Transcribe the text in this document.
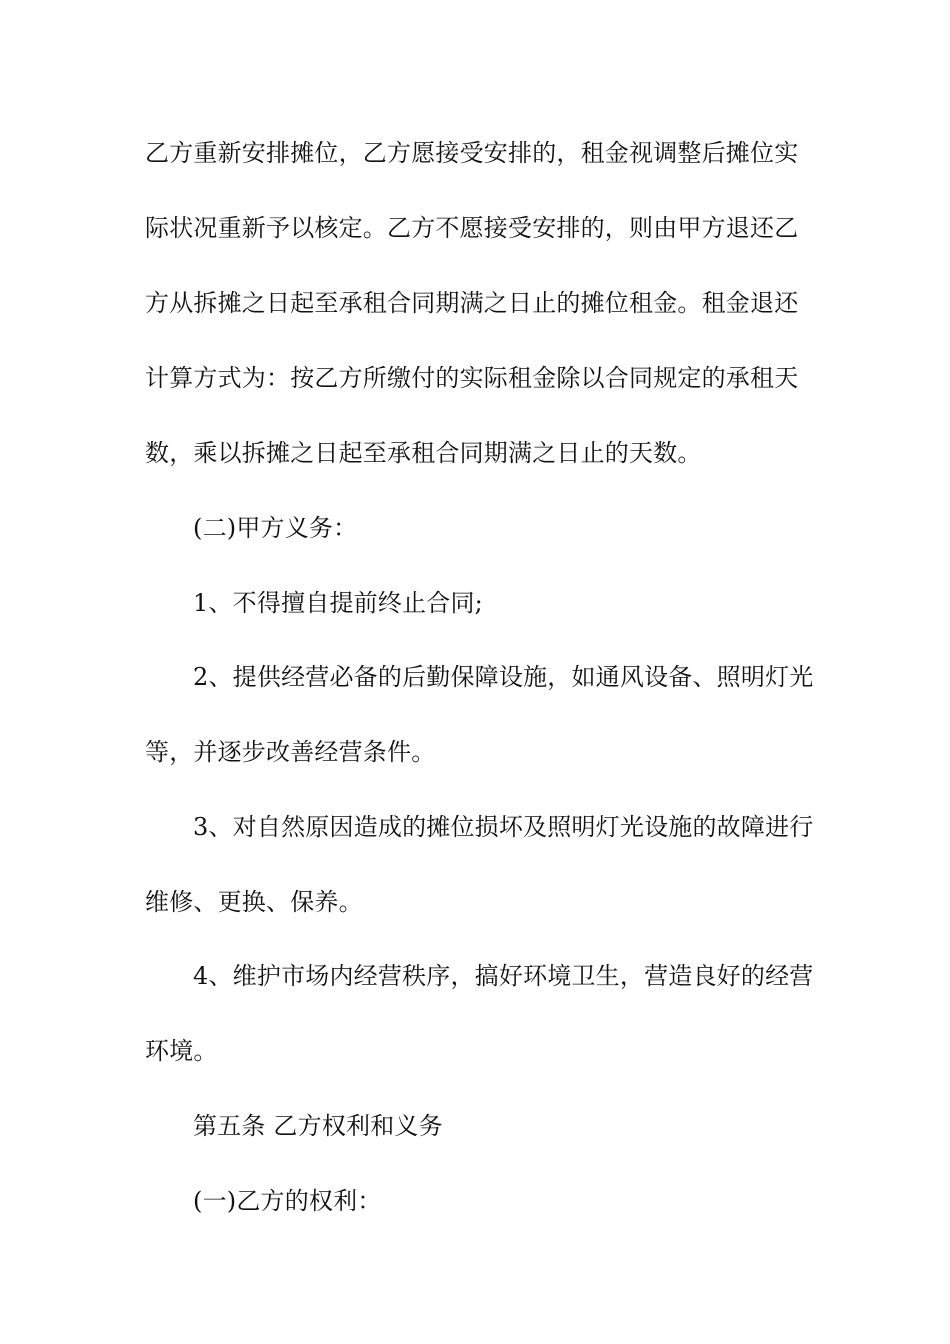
乙方重新安排摊位，乙方愿接受安排的，租金视调整后摊位实
际状况重新予以核定。乙方不愿接受安排的，则由甲方退还乙
方从拆摊之日起至承租合同期满之日止的摊位租金。租金退还
计算方式为：按乙方所缴付的实际租金除以合同规定的承租天
数，乘以拆摊之日起至承租合同期满之日止的天数。
(二)甲方义务：
1、不得擅自提前终止合同;
2、提供经营必备的后勤保障设施，如通风设备、照明灯光
等，并逐步改善经营条件。
3、对自然原因造成的摊位损坏及照明灯光设施的故障进行
维修、更换、保养。
4、维护市场内经营秩序，搞好环境卫生，营造良好的经营
环境。
第五条 乙方权利和义务
(一)乙方的权利：
